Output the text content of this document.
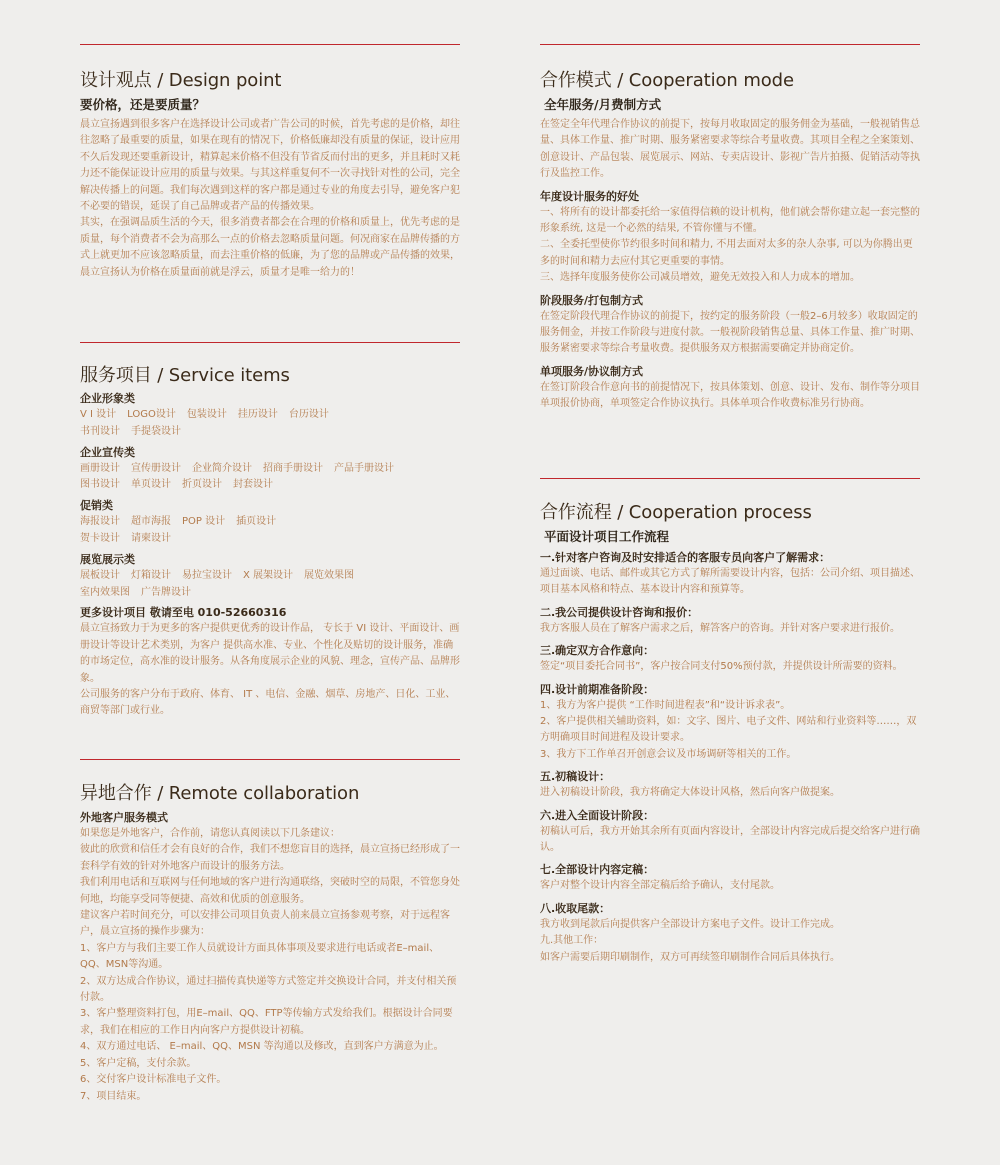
设计观点 / Design point
要价格，还是要质量？

晨立宣扬遇到很多客户在选择设计公司或者广告公司的时候，首先考虑的是价格，却往往忽略了最重要的质量，如果在现有的情况下，价格低廉却没有质量的保证，设计应用不久后发现还要重新设计，精算起来价格不但没有节省反而付出的更多，并且耗时又耗力还不能保证设计应用的质量与效果。与其这样重复何不一次寻找针对性的公司，完全解决传播上的问题。我们每次遇到这样的客户都是通过专业的角度去引导，避免客户犯不必要的错误，延误了自己品牌或者产品的传播效果。

其实，在强调品质生活的今天，很多消费者都会在合理的价格和质量上，优先考虑的是质量，每个消费者不会为高那么一点的价格去忽略质量问题。何况商家在品牌传播的方式上就更加不应该忽略质量，而去注重价格的低廉，为了您的品牌或产品传播的效果，晨立宣扬认为价格在质量面前就是浮云，质量才是唯一给力的！

服务项目 / Service items
企业形象类
V I 设计 LOGO设计 包装设计 挂历设计 台历设计
书刊设计 手提袋设计
企业宣传类
画册设计 宣传册设计 企业简介设计 招商手册设计 产品手册设计
图书设计 单页设计 折页设计 封套设计
促销类
海报设计 超市海报 POP 设计 插页设计
贺卡设计 请柬设计
展览展示类
展板设计 灯箱设计 易拉宝设计 X 展架设计 展览效果图
室内效果图 广告牌设计
更多设计项目 敬请至电 010-52660316

晨立宣扬致力于为更多的客户提供更优秀的设计作品， 专长于 VI 设计、平面设计、画册设计等设计艺术类别，为客户 提供高水准、专业、个性化及贴切的设计服务，准确的市场定位，高水准的设计服务。从各角度展示企业的风貌、理念，宣传产品、品牌形象。

公司服务的客户分布于政府、体育、 IT 、电信、金融、烟草、房地产、日化、工业、商贸等部门或行业。

异地合作 / Remote collaboration
外地客户服务模式

如果您是外地客户，合作前，请您认真阅读以下几条建议：

彼此的欣赏和信任才会有良好的合作，我们不想您盲目的选择，晨立宣扬已经形成了一套科学有效的针对外地客户而设计的服务方法。

我们利用电话和互联网与任何地域的客户进行沟通联络，突破时空的局限，不管您身处何地，均能享受同等便捷、高效和优质的创意服务。

建议客户若时间充分，可以安排公司项目负责人前来晨立宣扬参观考察，对于远程客户，晨立宣扬的操作步骤为：

1、客户方与我们主要工作人员就设计方面具体事项及要求进行电话或者E–mail、QQ、MSN等沟通。

2、双方达成合作协议，通过扫描传真快递等方式签定并交换设计合同，并支付相关预付款。

3、客户整理资料打包，用E–mail、QQ、FTP等传输方式发给我们。根据设计合同要求，我们在相应的工作日内向客户方提供设计初稿。

4、双方通过电话、 E–mail、QQ、MSN 等沟通以及修改，直到客户方满意为止。

5、客户定稿，支付余款。

6、交付客户设计标准电子文件。

7、项目结束。

合作模式 / Cooperation mode
全年服务/月费制方式
在签定全年代理合作协议的前提下，按每月收取固定的服务佣金为基础，一般视销售总量、具体工作量、推广时期、服务紧密要求等综合考量收费。其项目全程之全案策划、创意设计、产品包装、展览展示、网站、专卖店设计、影视广告片拍摄、促销活动等执行及监控工作。
年度设计服务的好处

一、将所有的设计都委托给一家值得信赖的设计机构，他们就会帮你建立起一套完整的形象系统, 这是一个必然的结果, 不管你懂与不懂。

二、全委托型使你节约很多时间和精力, 不用去面对太多的杂人杂事, 可以为你腾出更多的时间和精力去应付其它更重要的事情。

三、选择年度服务使你公司减员增效，避免无效投入和人力成本的增加。

阶段服务/打包制方式

在签定阶段代理合作协议的前提下，按约定的服务阶段（一般2–6月较多）收取固定的服务佣金，并按工作阶段与进度付款。一般视阶段销售总量、具体工作量、推广时期、服务紧密要求等综合考量收费。提供服务双方根据需要确定并协商定价。

单项服务/协议制方式

在签订阶段合作意向书的前提情况下，按具体策划、创意、设计、发布、制作等分项目单项报价协商，单项签定合作协议执行。具体单项合作收费标准另行协商。

合作流程 / Cooperation process
平面设计项目工作流程
一.针对客户咨询及时安排适合的客服专员向客户了解需求：

通过面谈、电话、邮件或其它方式了解所需要设计内容，包括：公司介绍、项目描述、项目基本风格和特点、基本设计内容和预算等。

二.我公司提供设计咨询和报价：

我方客服人员在了解客户需求之后，解答客户的咨询。并针对客户要求进行报价。

三.确定双方合作意向：

签定“项目委托合同书”，客户按合同支付50%预付款，并提供设计所需要的资料。

四.设计前期准备阶段：

1、我方为客户提供 “工作时间进程表”和“设计诉求表”。

2、客户提供相关辅助资料，如：文字、图片、电子文件、网站和行业资料等……，双方明确项目时间进程及设计要求。

3、我方下工作单召开创意会议及市场调研等相关的工作。

五.初稿设计：

进入初稿设计阶段，我方将确定大体设计风格，然后向客户做提案。

六.进入全面设计阶段：

初稿认可后，我方开始其余所有页面内容设计，全部设计内容完成后提交给客户进行确认。

七.全部设计内容定稿：

客户对整个设计内容全部定稿后给予确认，支付尾款。

八.收取尾款：

我方收到尾款后向提供客户全部设计方案电子文件。设计工作完成。

九.其他工作：

如客户需要后期印刷制作，双方可再续签印刷制作合同后具体执行。
